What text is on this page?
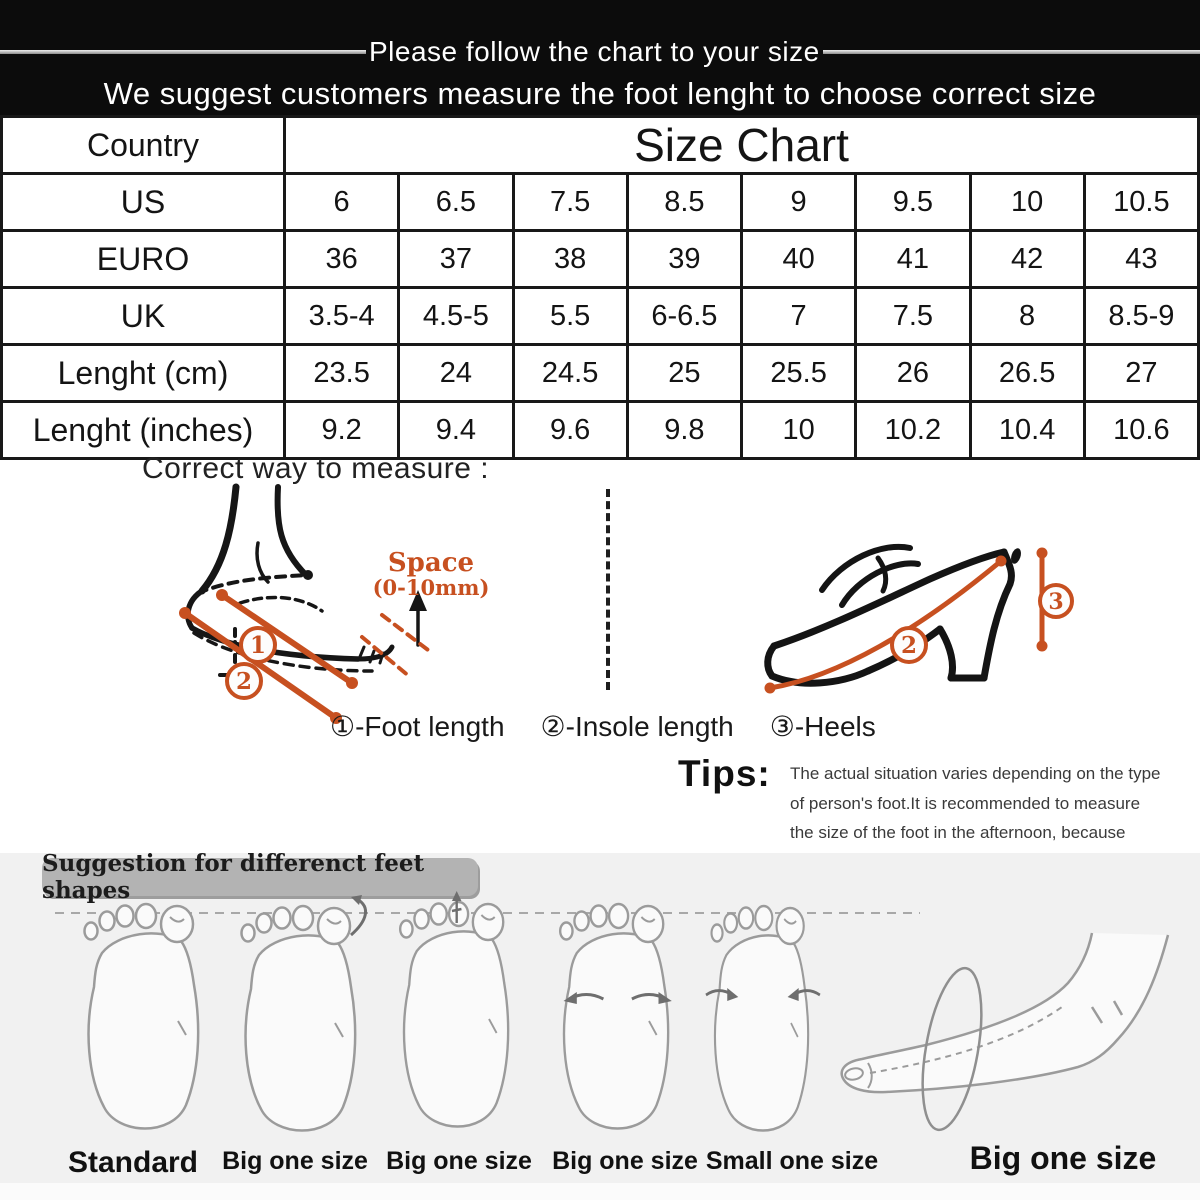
Please follow the chart to your size
We suggest customers measure the foot lenght to choose correct size
Country	Size Chart							
US	6	6.5	7.5	8.5	9	9.5	10	10.5
EURO	36	37	38	39	40	41	42	43
UK	3.5-4	4.5-5	5.5	6-6.5	7	7.5	8	8.5-9
Lenght (cm)	23.5	24	24.5	25	25.5	26	26.5	27
Lenght (inches)	9.2	9.4	9.6	9.8	10	10.2	10.4	10.6
Correct way to measure :
1
2
Space
(0-10mm)
2
3
①-Foot length ②-Insole length ③-Heels
Tips: The actual situation varies depending on the type
of person's foot.It is recommended to measure
the size of the foot in the afternoon, because
Suggestion for differenct feet shapes
Standard Big one size Big one size Big one size Small one size	Big one size
